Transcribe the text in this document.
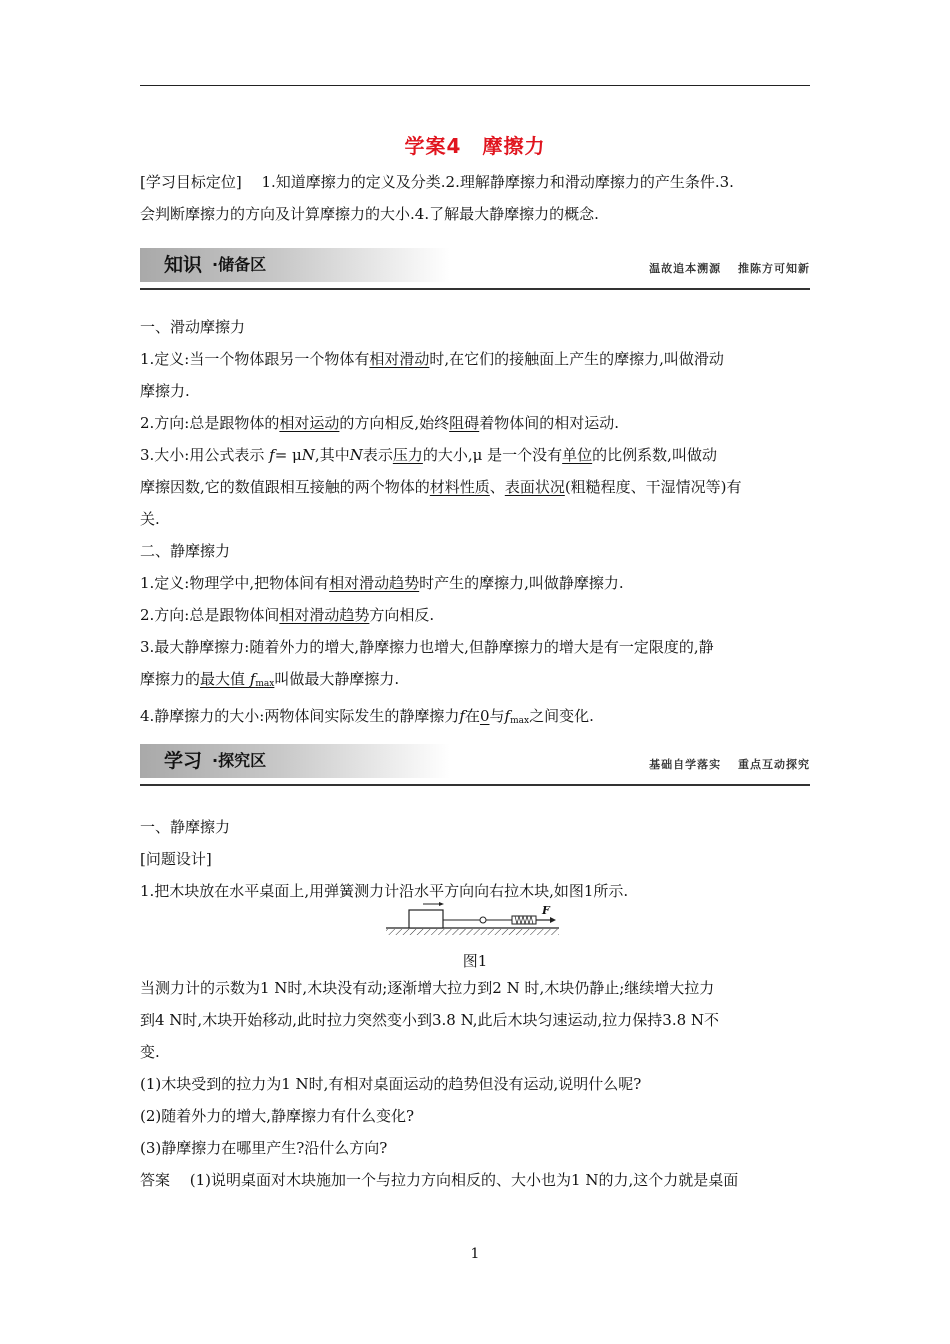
学案4　摩擦力

[学习目标定位]　 1.知道摩擦力的定义及分类.2.理解静摩擦力和滑动摩擦力的产生条件.3.

会判断摩擦力的方向及计算摩擦力的大小.4.了解最大静摩擦力的概念.

知识 ·储备区	温故追本溯源　 推陈方可知新

一、滑动摩擦力

1.定义:当一个物体跟另一个物体有相对滑动时,在它们的接触面上产生的摩擦力,叫做滑动

摩擦力.

2.方向:总是跟物体的相对运动的方向相反,始终阻碍着物体间的相对运动.

3.大小:用公式表示 f= μN,其中N表示压力的大小,μ 是一个没有单位的比例系数,叫做动

摩擦因数,它的数值跟相互接触的两个物体的材料性质、表面状况(粗糙程度、干湿情况等)有

关.

二、静摩擦力

1.定义:物理学中,把物体间有相对滑动趋势时产生的摩擦力,叫做静摩擦力.

2.方向:总是跟物体间相对滑动趋势方向相反.

3.最大静摩擦力:随着外力的增大,静摩擦力也增大,但静摩擦力的增大是有一定限度的,静

摩擦力的最大值 $f_{max}$叫做最大静摩擦力.

4.静摩擦力的大小:两物体间实际发生的静摩擦力f在0与$f_{max}$之间变化.

学习 ·探究区	基础自学落实　 重点互动探究

一、静摩擦力

[问题设计]

1.把木块放在水平桌面上,用弹簧测力计沿水平方向向右拉木块,如图1所示.

F
图1

当测力计的示数为1 N时,木块没有动;逐渐增大拉力到2 N 时,木块仍静止;继续增大拉力

到4 N时,木块开始移动,此时拉力突然变小到3.8 N,此后木块匀速运动,拉力保持3.8 N不

变.

(1)木块受到的拉力为1 N时,有相对桌面运动的趋势但没有运动,说明什么呢?

(2)随着外力的增大,静摩擦力有什么变化?

(3)静摩擦力在哪里产生?沿什么方向?

答案　 (1)说明桌面对木块施加一个与拉力方向相反的、大小也为1 N的力,这个力就是桌面

1
